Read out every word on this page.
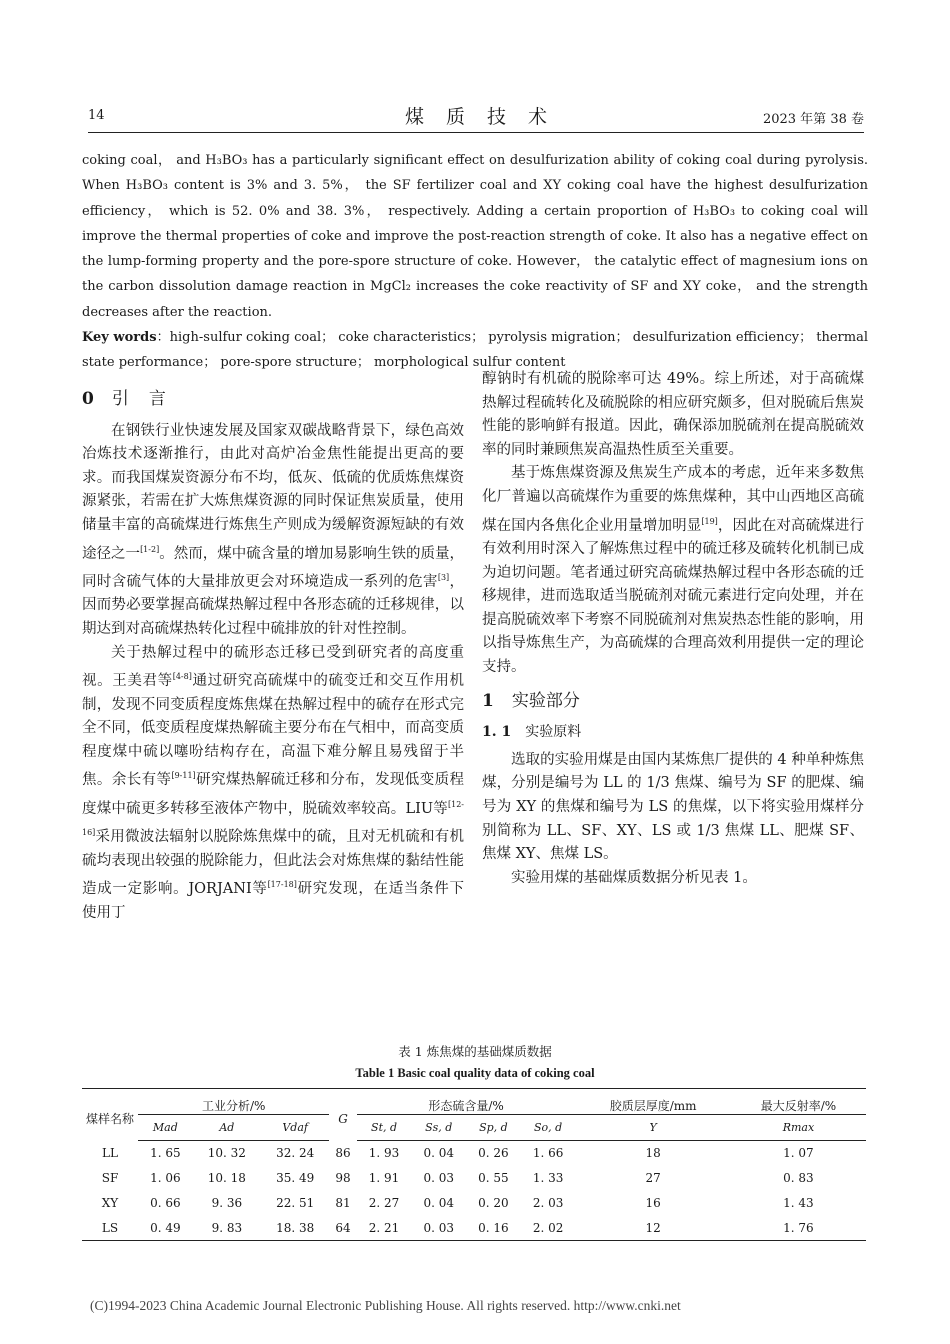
14	煤质技术	2023 年第 38 卷

coking coal， and H₃BO₃ has a particularly significant effect on desulfurization ability of coking coal during pyrolysis. When H₃BO₃ content is 3% and 3. 5%， the SF fertilizer coal and XY coking coal have the highest desulfurization efficiency， which is 52. 0% and 38. 3%， respectively. Adding a certain proportion of H₃BO₃ to coking coal will improve the thermal properties of coke and improve the post-reaction strength of coke. It also has a negative effect on the lump-forming property and the pore-spore structure of coke. However， the catalytic effect of magnesium ions on the carbon dissolution damage reaction in MgCl₂ increases the coke reactivity of SF and XY coke， and the strength decreases after the reaction.

Key words：high-sulfur coking coal； coke characteristics； pyrolysis migration； desulfurization efficiency； thermal state performance； pore-spore structure； morphological sulfur content

0 引言

在钢铁行业快速发展及国家双碳战略背景下，绿色高效冶炼技术逐渐推行，由此对高炉冶金焦性能提出更高的要求。而我国煤炭资源分布不均，低灰、低硫的优质炼焦煤资源紧张，若需在扩大炼焦煤资源的同时保证焦炭质量，使用储量丰富的高硫煤进行炼焦生产则成为缓解资源短缺的有效途径之一[1-2]。然而，煤中硫含量的增加易影响生铁的质量，同时含硫气体的大量排放更会对环境造成一系列的危害[3]，因而势必要掌握高硫煤热解过程中各形态硫的迁移规律，以期达到对高硫煤热转化过程中硫排放的针对性控制。

关于热解过程中的硫形态迁移已受到研究者的高度重视。王美君等[4-8]通过研究高硫煤中的硫变迁和交互作用机制，发现不同变质程度炼焦煤在热解过程中的硫存在形式完全不同，低变质程度煤热解硫主要分布在气相中，而高变质程度煤中硫以噻吩结构存在，高温下难分解且易残留于半焦。余长有等[9-11]研究煤热解硫迁移和分布，发现低变质程度煤中硫更多转移至液体产物中，脱硫效率较高。LIU等[12-16]采用微波法辐射以脱除炼焦煤中的硫，且对无机硫和有机硫均表现出较强的脱除能力，但此法会对炼焦煤的黏结性能造成一定影响。JORJANI等[17-18]研究发现，在适当条件下使用丁

醇钠时有机硫的脱除率可达 49%。综上所述，对于高硫煤热解过程硫转化及硫脱除的相应研究颇多，但对脱硫后焦炭性能的影响鲜有报道。因此，确保添加脱硫剂在提高脱硫效率的同时兼顾焦炭高温热性质至关重要。

基于炼焦煤资源及焦炭生产成本的考虑，近年来多数焦化厂普遍以高硫煤作为重要的炼焦煤种，其中山西地区高硫煤在国内各焦化企业用量增加明显[19]，因此在对高硫煤进行有效利用时深入了解炼焦过程中的硫迁移及硫转化机制已成为迫切问题。笔者通过研究高硫煤热解过程中各形态硫的迁移规律，进而选取适当脱硫剂对硫元素进行定向处理，并在提高脱硫效率下考察不同脱硫剂对焦炭热态性能的影响，用以指导炼焦生产，为高硫煤的合理高效利用提供一定的理论支持。

1 实验部分
1. 1 实验原料

选取的实验用煤是由国内某炼焦厂提供的 4 种单种炼焦煤，分别是编号为 LL 的 1/3 焦煤、编号为 SF 的肥煤、编号为 XY 的焦煤和编号为 LS 的焦煤，以下将实验用煤样分别简称为 LL、SF、XY、LS 或 1/3 焦煤 LL、肥煤 SF、焦煤 XY、焦煤 LS。

实验用煤的基础煤质数据分析见表 1。

表 1 炼焦煤的基础煤质数据
Table 1 Basic coal quality data of coking coal
煤样名称	工业分析/%			G	形态硫含量/%				胶质层厚度/mm	最大反射率/%
	Mad	Ad	Vdaf		St, d	Ss, d	Sp, d	So, d	Y	Rmax
LL	1. 65	10. 32	32. 24	86	1. 93	0. 04	0. 26	1. 66	18	1. 07
SF	1. 06	10. 18	35. 49	98	1. 91	0. 03	0. 55	1. 33	27	0. 83
XY	0. 66	9. 36	22. 51	81	2. 27	0. 04	0. 20	2. 03	16	1. 43
LS	0. 49	9. 83	18. 38	64	2. 21	0. 03	0. 16	2. 02	12	1. 76
(C)1994-2023 China Academic Journal Electronic Publishing House. All rights reserved. http://www.cnki.net
